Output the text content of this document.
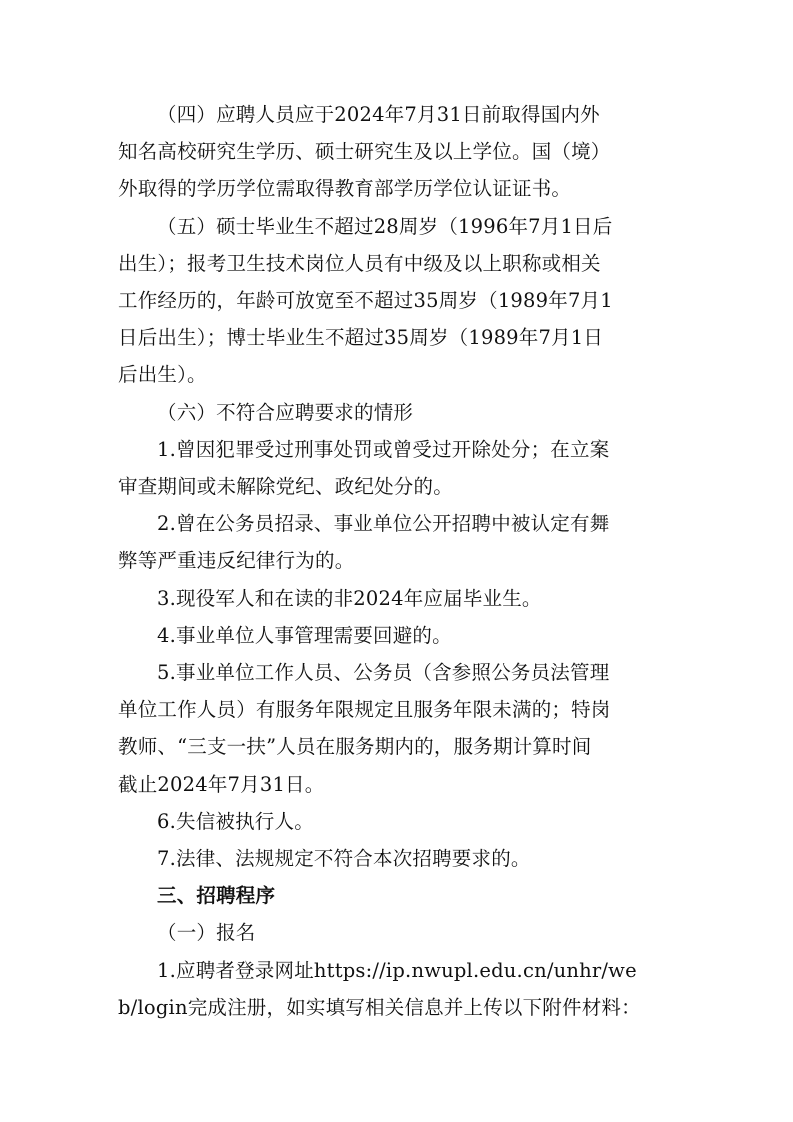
（四）应聘人员应于2024年7月31日前取得国内外
知名高校研究生学历、硕士研究生及以上学位。国（境）
外取得的学历学位需取得教育部学历学位认证证书。
（五）硕士毕业生不超过28周岁（1996年7月1日后
出生）；报考卫生技术岗位人员有中级及以上职称或相关
工作经历的，年龄可放宽至不超过35周岁（1989年7月1
日后出生）；博士毕业生不超过35周岁（1989年7月1日
后出生）。
（六）不符合应聘要求的情形
1.曾因犯罪受过刑事处罚或曾受过开除处分；在立案
审查期间或未解除党纪、政纪处分的。
2.曾在公务员招录、事业单位公开招聘中被认定有舞
弊等严重违反纪律行为的。
3.现役军人和在读的非2024年应届毕业生。
4.事业单位人事管理需要回避的。
5.事业单位工作人员、公务员（含参照公务员法管理
单位工作人员）有服务年限规定且服务年限未满的；特岗
教师、“三支一扶”人员在服务期内的，服务期计算时间
截止2024年7月31日。
6.失信被执行人。
7.法律、法规规定不符合本次招聘要求的。
三、招聘程序
（一）报名
1.应聘者登录网址https://ip.nwupl.edu.cn/unhr/we
b/login完成注册，如实填写相关信息并上传以下附件材料：
